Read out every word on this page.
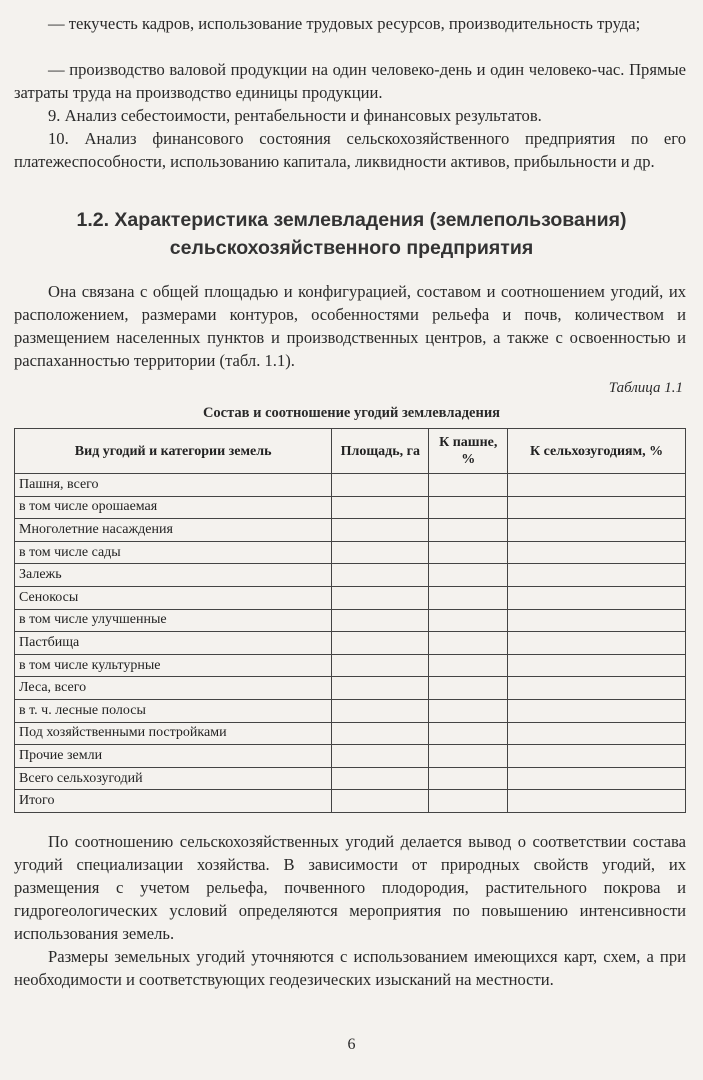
— текучесть кадров, использование трудовых ресурсов, производительность труда;

— производство валовой продукции на один человеко-день и один человеко-час. Прямые затраты труда на производство единицы продукции.

9. Анализ себестоимости, рентабельности и финансовых результатов.

10. Анализ финансового состояния сельскохозяйственного предприятия по его платежеспособности, использованию капитала, ликвидности активов, прибыльности и др.

1.2. Характеристика землевладения (землепользования)
сельскохозяйственного предприятия

Она связана с общей площадью и конфигурацией, составом и соотношением угодий, их расположением, размерами контуров, особенностями рельефа и почв, количеством и размещением населенных пунктов и производственных центров, а также с освоенностью и распаханностью территории (табл. 1.1).

Таблица 1.1

Состав и соотношение угодий землевладения

Вид угодий и категории земель	Площадь, га	К пашне, %	К сельхозугодиям, %
Пашня, всего			
в том числе орошаемая			
Многолетние насаждения			
в том числе сады			
Залежь			
Сенокосы			
в том числе улучшенные			
Пастбища			
в том числе культурные			
Леса, всего			
в т. ч. лесные полосы			
Под хозяйственными постройками			
Прочие земли			
Всего сельхозугодий			
Итого			

По соотношению сельскохозяйственных угодий делается вывод о соответствии состава угодий специализации хозяйства. В зависимости от природных свойств угодий, их размещения с учетом рельефа, почвенного плодородия, растительного покрова и гидрогеологических условий определяются мероприятия по повышению интенсивности использования земель.

Размеры земельных угодий уточняются с использованием имеющихся карт, схем, а при необходимости и соответствующих геодезических изысканий на местности.

6
